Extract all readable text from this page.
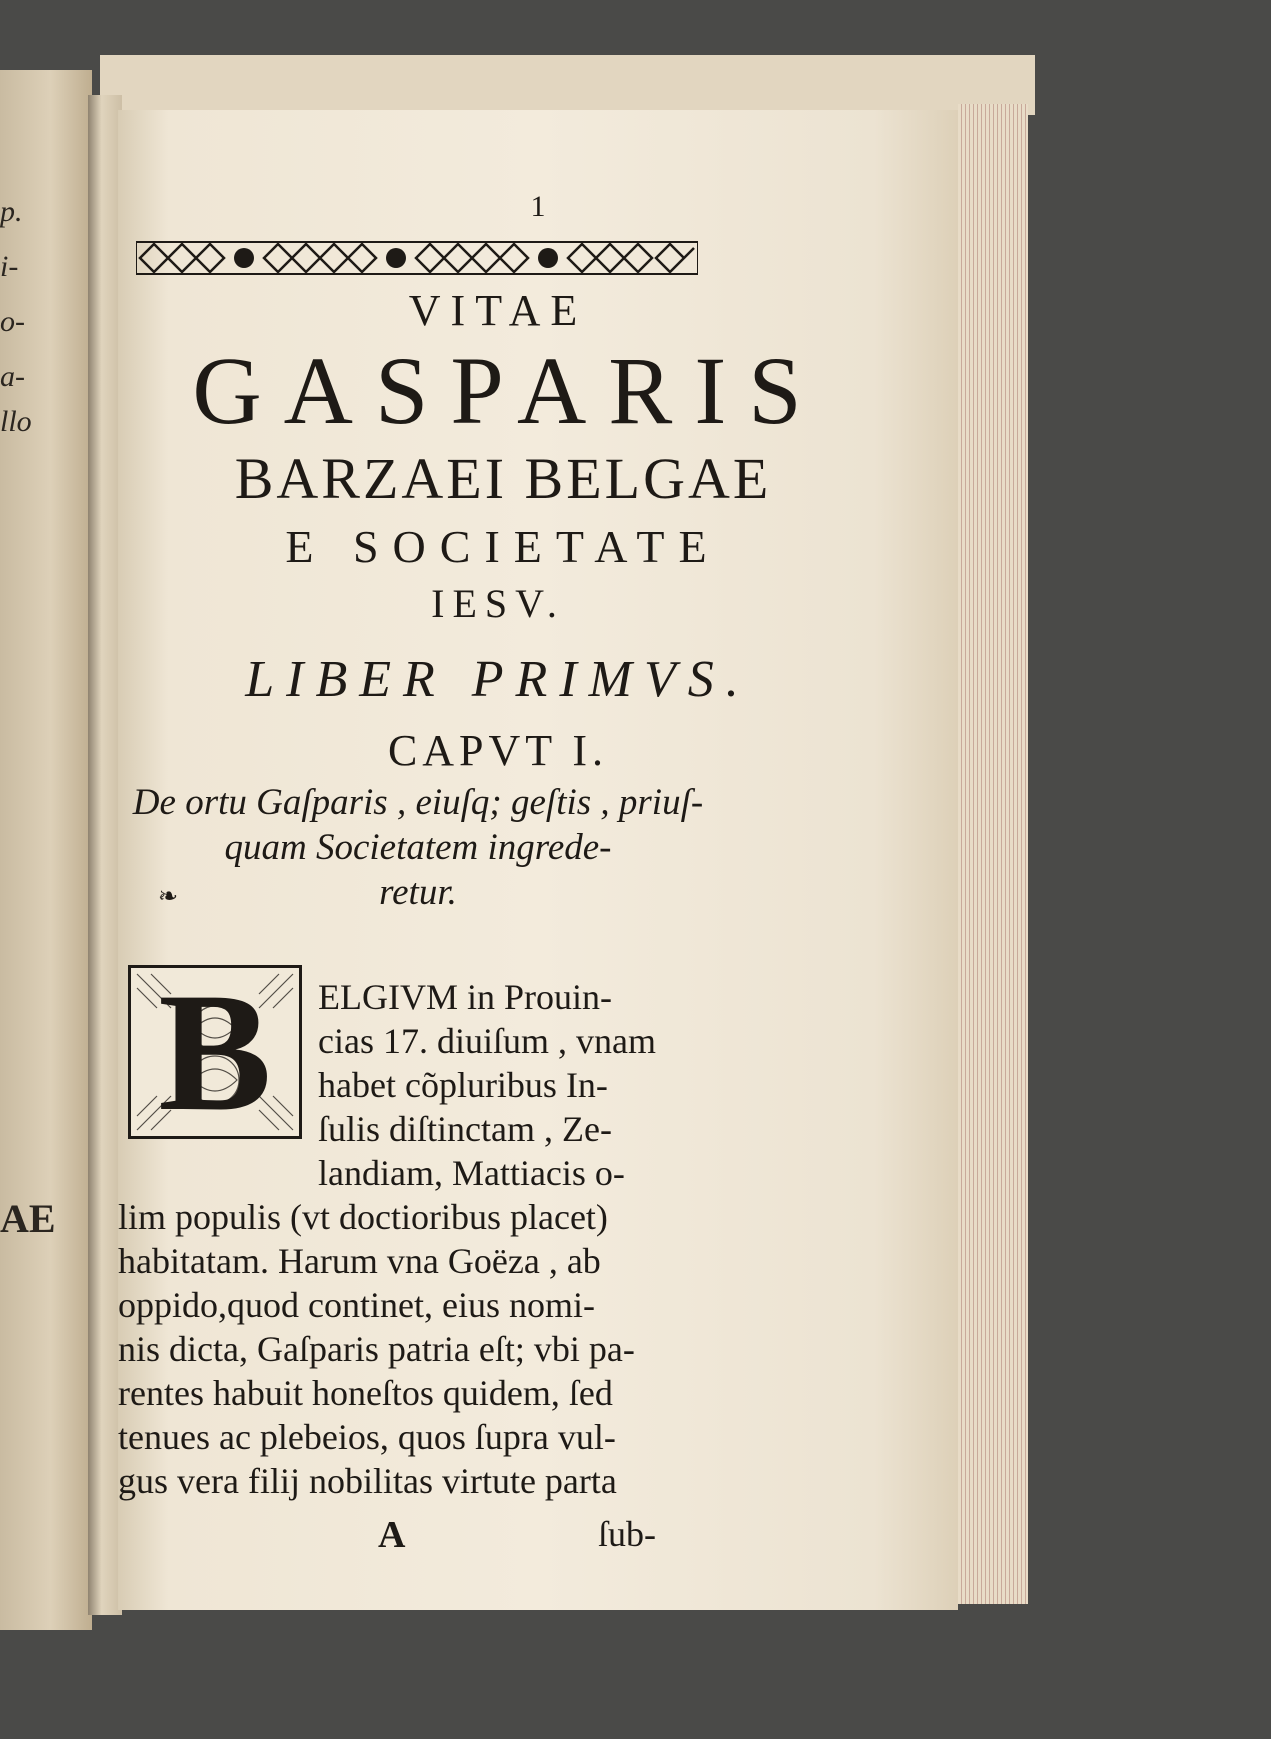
p.
i-
o-
a-
llo
AE
1
VITAE
GASPARIS
BARZAEI BELGAE
E SOCIETATE
IESV.
LIBER PRIMVS.
CAPVT I.
De ortu Gaſparis , eiuſq; geſtis , priuſ-
quam Societatem ingrede-
retur.
❧
B	ELGIVM in Prouin-
cias 17. diuiſum , vnam
habet cõpluribus In-
ſulis diſtinctam , Ze-
landiam, Mattiacis o-
lim populis (vt doctioribus placet)
habitatam. Harum vna Goëza , ab
oppido,quod continet, eius nomi-
nis dicta, Gaſparis patria eſt; vbi pa-
rentes habuit honeſtos quidem, ſed
tenues ac plebeios, quos ſupra vul-
gus vera filij nobilitas virtute parta
A	ſub-
